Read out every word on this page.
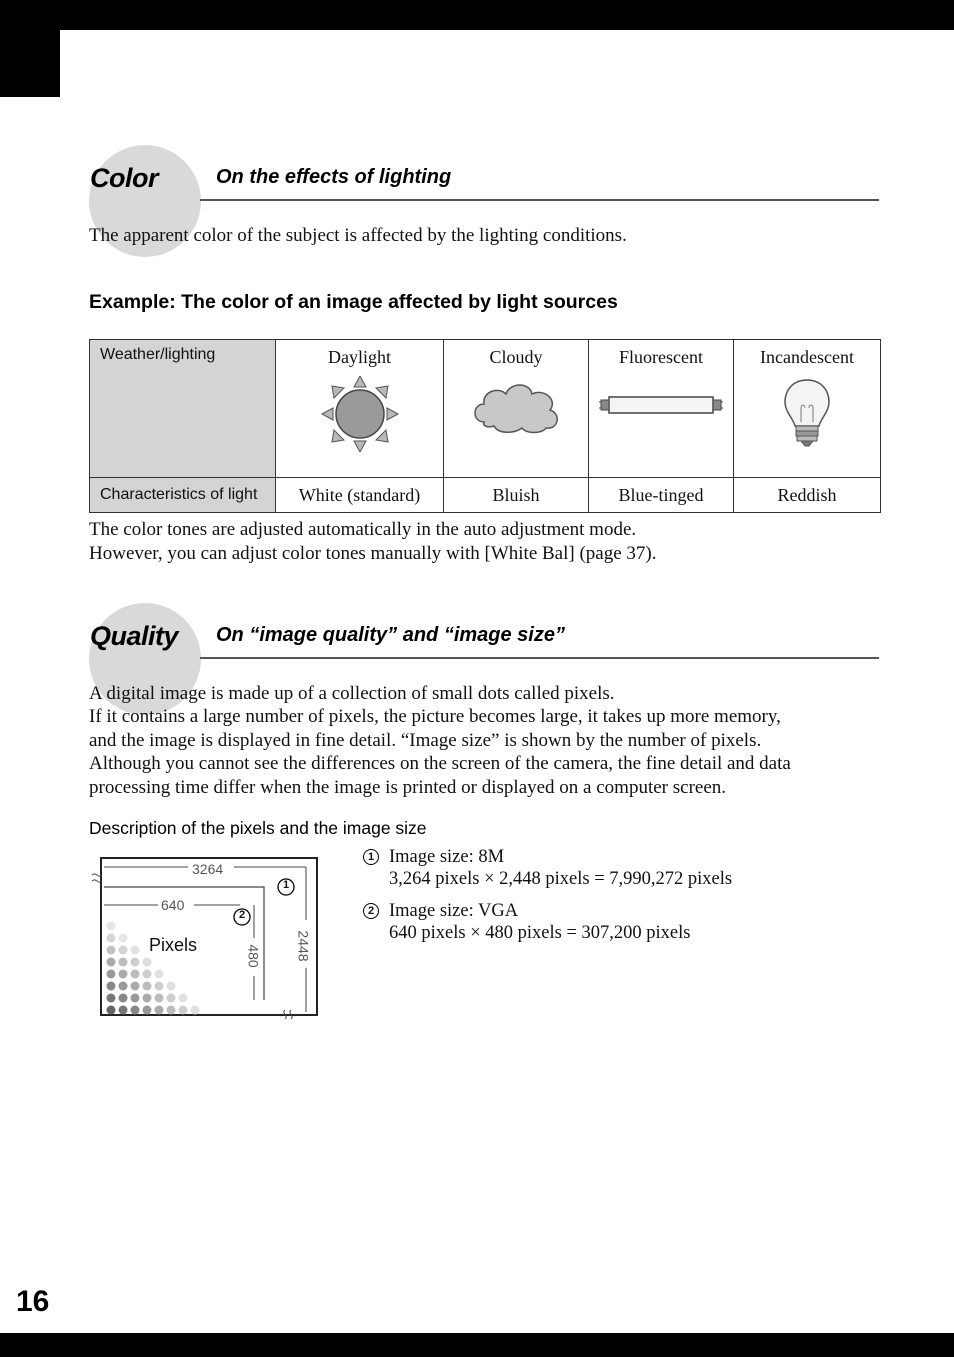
Color	On the effects of lighting
The apparent color of the subject is affected by the lighting conditions.
Example: The color of an image affected by light sources
Weather/lighting	Daylight	Cloudy	Fluorescent	Incandescent

Characteristics of light	White (standard)	Bluish	Blue-tinged	Reddish
The color tones are adjusted automatically in the auto adjustment mode.
However, you can adjust color tones manually with [White Bal] (page 37).
Quality On “image quality” and “image size”
A digital image is made up of a collection of small dots called pixels.
If it contains a large number of pixels, the picture becomes large, it takes up more memory,
and the image is displayed in fine detail. “Image size” is shown by the number of pixels.
Although you cannot see the differences on the screen of the camera, the fine detail and data
processing time differ when the image is printed or displayed on a computer screen.
Description of the pixels and the image size
3264
640
Pixels	2448
480
1
2
1 Image size: 8M
3,264 pixels × 2,448 pixels = 7,990,272 pixels
2 Image size: VGA
640 pixels × 480 pixels = 307,200 pixels
16
